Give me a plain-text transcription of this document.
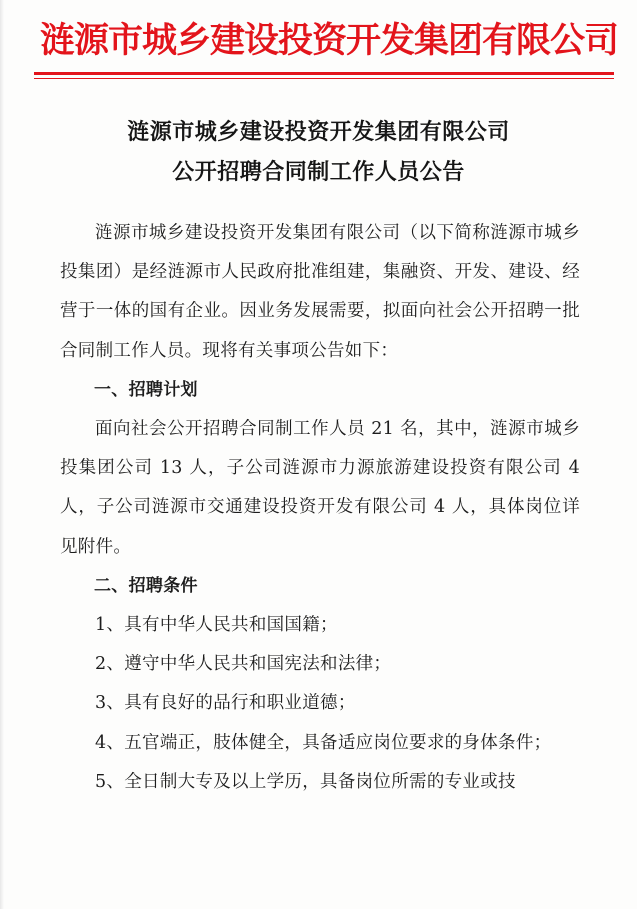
涟源市城乡建设投资开发集团有限公司
涟源市城乡建设投资开发集团有限公司
公开招聘合同制工作人员公告

涟源市城乡建设投资开发集团有限公司（以下简称涟源市城乡投集团）是经涟源市人民政府批准组建，集融资、开发、建设、经营于一体的国有企业。因业务发展需要，拟面向社会公开招聘一批合同制工作人员。现将有关事项公告如下：

一、招聘计划

面向社会公开招聘合同制工作人员 21 名，其中，涟源市城乡投集团公司 13 人，子公司涟源市力源旅游建设投资有限公司 4 人，子公司涟源市交通建设投资开发有限公司 4 人，具体岗位详见附件。

二、招聘条件

1、具有中华人民共和国国籍；

2、遵守中华人民共和国宪法和法律；

3、具有良好的品行和职业道德；

4、五官端正，肢体健全，具备适应岗位要求的身体条件；

5、全日制大专及以上学历，具备岗位所需的专业或技
